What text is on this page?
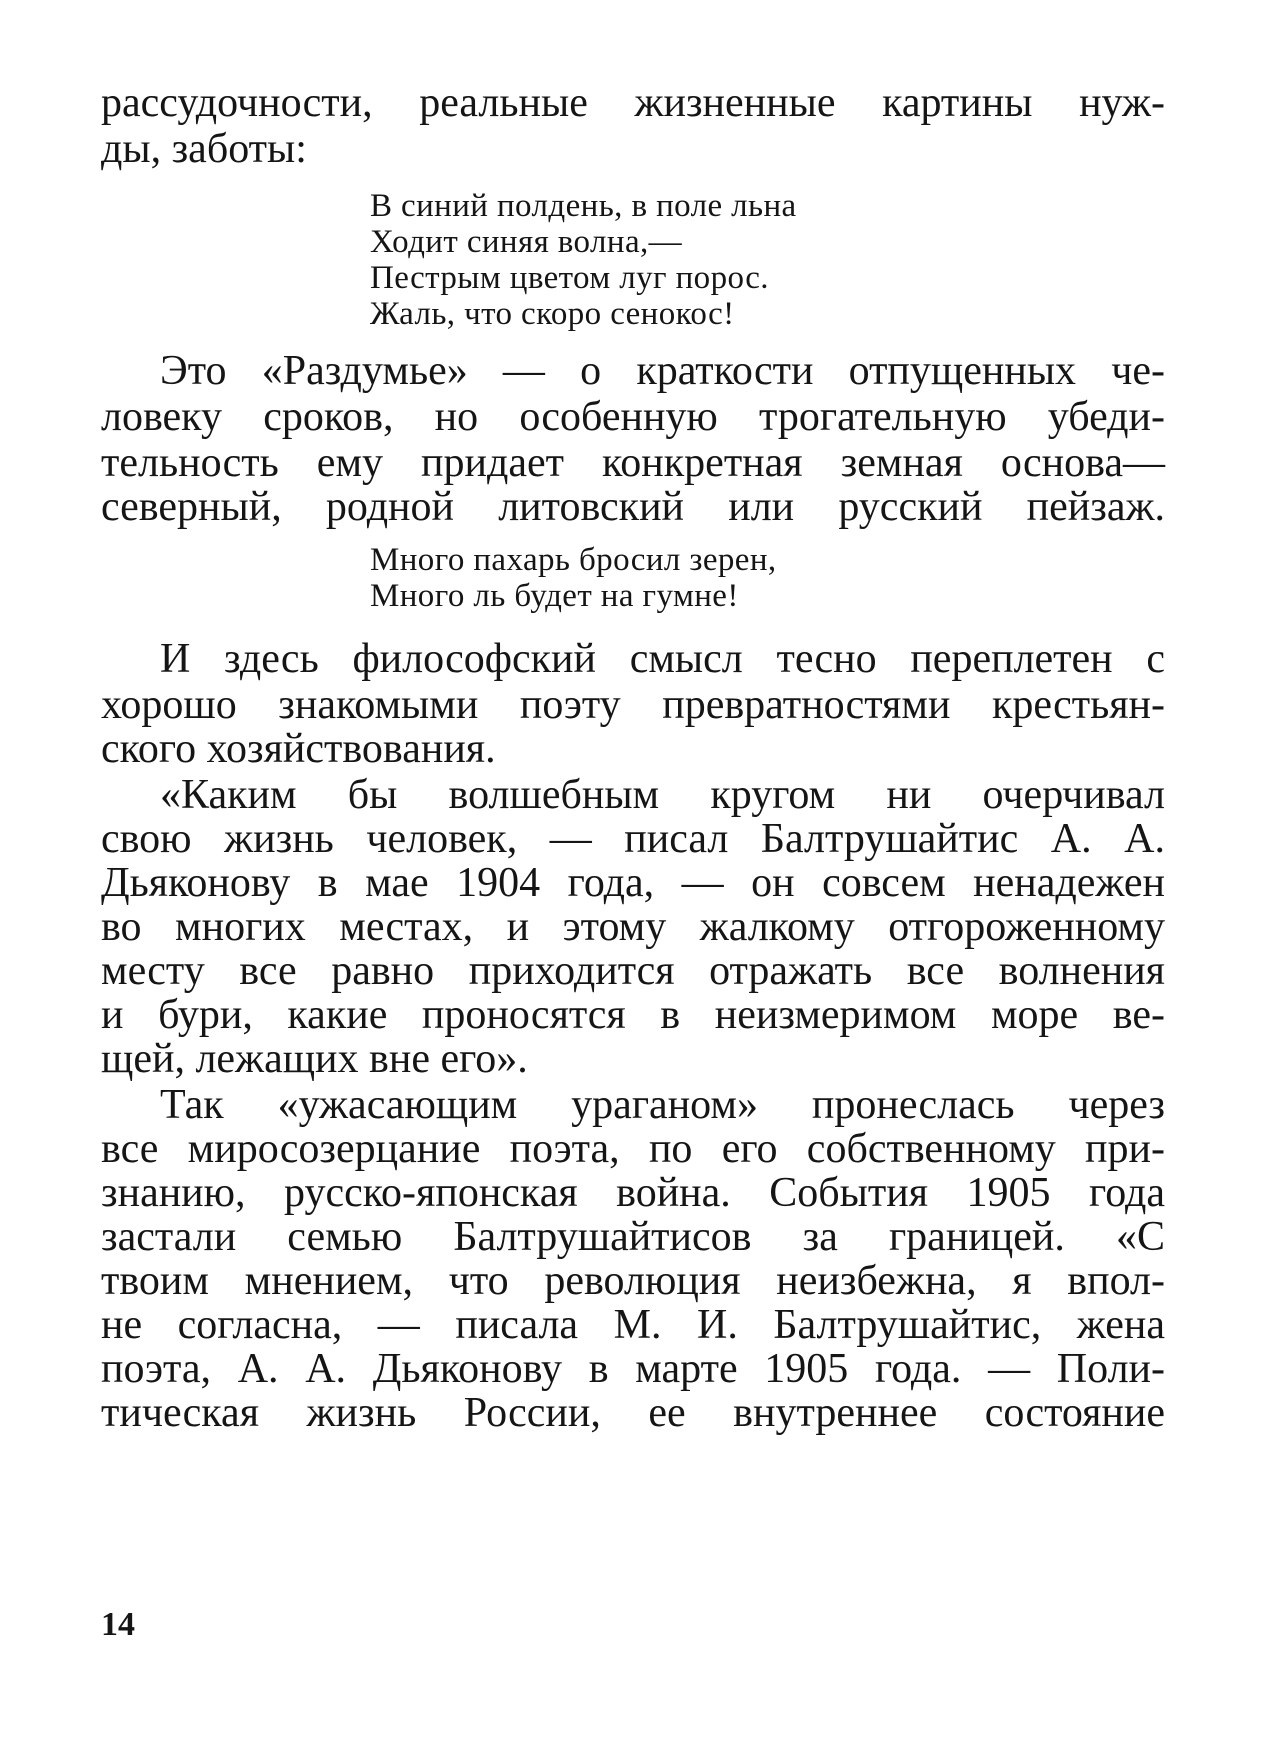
рассудочности, реальные жизненные картины нуж-
ды, заботы:
В синий полдень, в поле льна
Ходит синяя волна,—
Пестрым цветом луг порос.
Жаль, что скоро сенокос!
Это «Раздумье» — о краткости отпущенных че-
ловеку сроков, но особенную трогательную убеди-
тельность ему придает конкретная земная основа—
северный, родной литовский или русский пейзаж.
Много пахарь бросил зерен,
Много ль будет на гумне!
И здесь философский смысл тесно переплетен с
хорошо знакомыми поэту превратностями крестьян-
ского хозяйствования.
«Каким бы волшебным кругом ни очерчивал
свою жизнь человек, — писал Балтрушайтис А. А.
Дьяконову в мае 1904 года, — он совсем ненадежен
во многих местах, и этому жалкому отгороженному
месту все равно приходится отражать все волнения
и бури, какие проносятся в неизмеримом море ве-
щей, лежащих вне его».
Так «ужасающим ураганом» пронеслась через
все миросозерцание поэта, по его собственному при-
знанию, русско-японская война. События 1905 года
застали семью Балтрушайтисов за границей. «С
твоим мнением, что революция неизбежна, я впол-
не согласна, — писала М. И. Балтрушайтис, жена
поэта, А. А. Дьяконову в марте 1905 года. — Поли-
тическая жизнь России, ее внутреннее состояние
14
